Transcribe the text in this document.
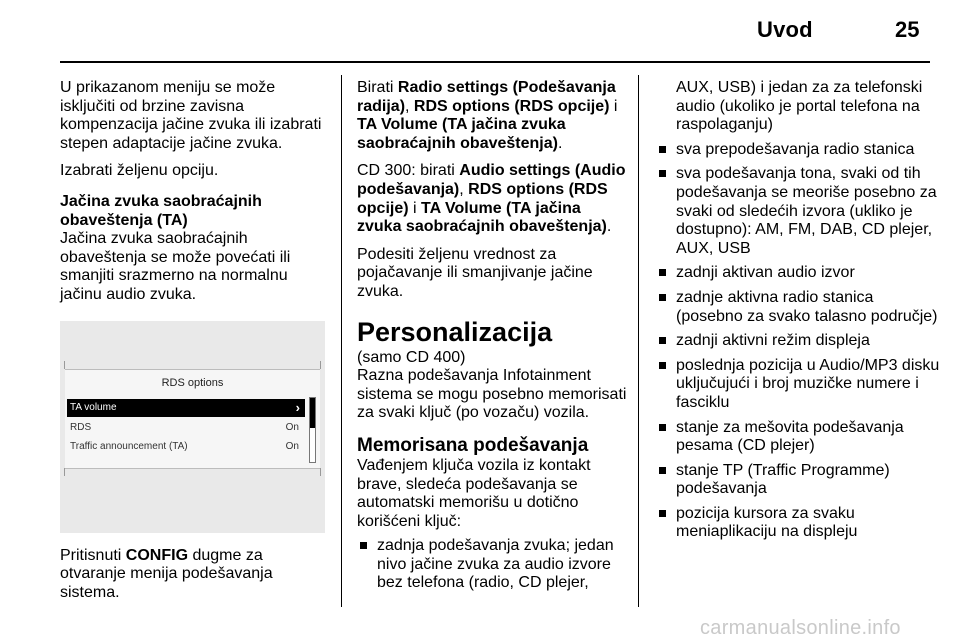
Uvod	25

U prikazanom meniju se može isključiti od brzine zavisna kompenzacija jačine zvuka ili izabrati stepen adaptacije jačine zvuka.

Izabrati željenu opciju.

Jačina zvuka saobraćajnih obaveštenja (TA)

Jačina zvuka saobraćajnih obaveštenja se može povećati ili smanjiti srazmerno na normalnu jačinu audio zvuka.

RDS options
TA volume	›
RDS	On
Traffic announcement (TA)	On

Pritisnuti CONFIG dugme za otvaranje menija podešavanja sistema.

Birati Radio settings (Podešavanja radija), RDS options (RDS opcije) i TA Volume (TA jačina zvuka saobraćajnih obaveštenja).

CD 300: birati Audio settings (Audio podešavanja), RDS options (RDS opcije) i TA Volume (TA jačina zvuka saobraćajnih obaveštenja).

Podesiti željenu vrednost za pojačavanje ili smanjivanje jačine zvuka.

Personalizacija

(samo CD 400)

Razna podešavanja Infotainment sistema se mogu posebno memorisati za svaki ključ (po vozaču) vozila.

Memorisana podešavanja

Vađenjem ključa vozila iz kontakt brave, sledeća podešavanja se automatski memorišu u dotično korišćeni ključ:

zadnja podešavanja zvuka; jedan nivo jačine zvuka za audio izvore bez telefona (radio, CD plejer,
AUX, USB) i jedan za za telefonski audio (ukoliko je portal telefona na raspolaganju)
sva prepodešavanja radio stanica
sva podešavanja tona, svaki od tih podešavanja se meoriše posebno za svaki od sledećih izvora (ukliko je dostupno): AM, FM, DAB, CD plejer, AUX, USB
zadnji aktivan audio izvor
zadnje aktivna radio stanica (posebno za svako talasno područje)
zadnji aktivni režim displeja
poslednja pozicija u Audio/MP3 disku uključujući i broj muzičke numere i fasciklu
stanje za mešovita podešavanja pesama (CD plejer)
stanje TP (Traffic Programme) podešavanja
pozicija kursora za svaku meniaplikaciju na displeju
carmanualsonline.info
